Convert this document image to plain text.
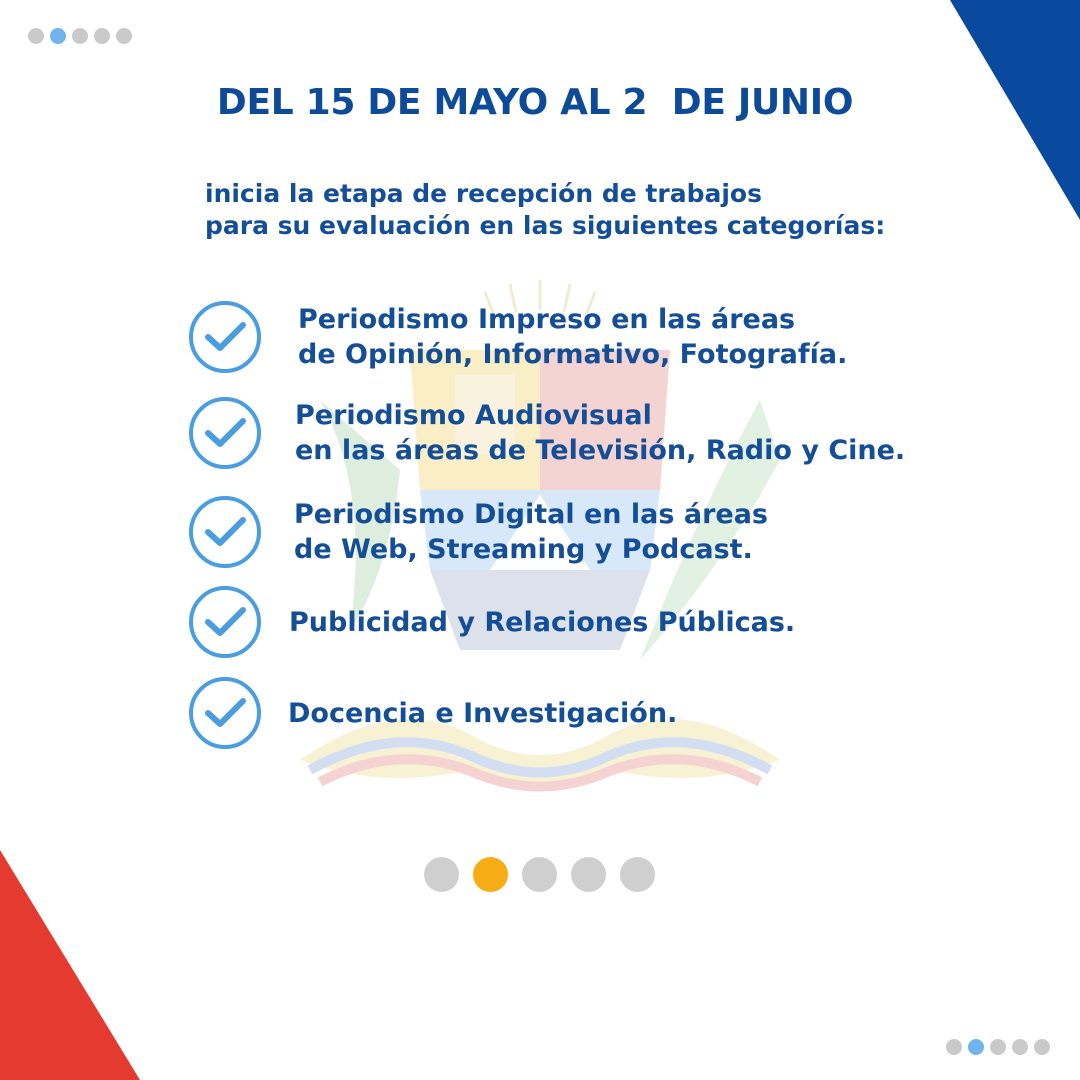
DEL 15 DE MAYO AL 2  DE JUNIO
inicia la etapa de recepción de trabajos
para su evaluación en las siguientes categorías:
Periodismo Impreso en las áreas
de Opinión, Informativo, Fotografía.
Periodismo Audiovisual
en las áreas de Televisión, Radio y Cine.
Periodismo Digital en las áreas
de Web, Streaming y Podcast.
Publicidad y Relaciones Públicas.
Docencia e Investigación.
